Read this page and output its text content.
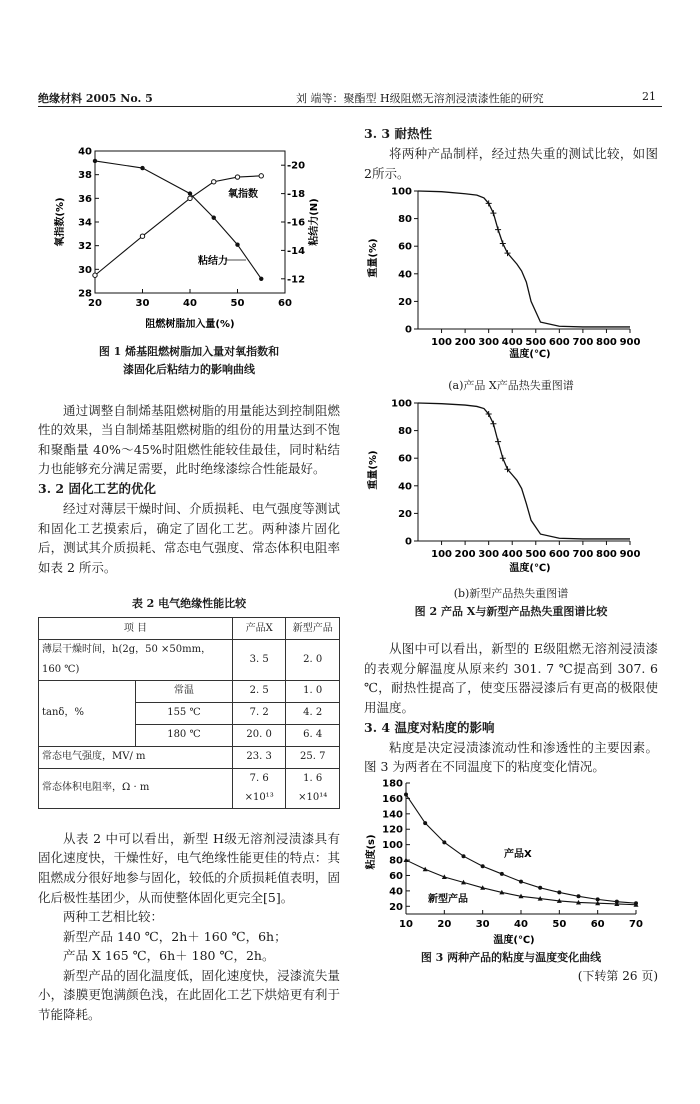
绝缘材料 2005 No. 5	刘 端等：聚酯型 H级阻燃无溶剂浸渍漆性能的研究	21
20	30	40	50	60
28
30
32
34
36
38
40
-12
-14
-16
-18
-20
氧指数(%)	粘结力(N)
阻燃树脂加入量(%)
氧指数
粘结力
图 1 烯基阻燃树脂加入量对氧指数和
漆固化后粘结力的影响曲线

通过调整自制烯基阻燃树脂的用量能达到控制阻燃性的效果，当自制烯基阻燃树脂的组份的用量达到不饱和聚酯量 40%～45%时阻燃性能较佳最佳，同时粘结力也能够充分满足需要，此时绝缘漆综合性能最好。

3. 2 固化工艺的优化

经过对薄层干燥时间、介质损耗、电气强度等测试和固化工艺摸索后，确定了固化工艺。两种漆片固化后，测试其介质损耗、常态电气强度、常态体积电阻率如表 2 所示。

表 2 电气绝缘性能比较
项 目		产品X	新型产品
薄层干燥时间，h(2g，50 ×50mm，160 ℃)		3. 5	2. 0
tanδ，%	常温	2. 5	1. 0
	155 ℃	7. 2	4. 2
	180 ℃	20. 0	6. 4
常态电气强度，MV/ m		23. 3	25. 7
常态体积电阻率，Ω · m		7. 6 ×10¹³	1. 6 ×10¹⁴

从表 2 中可以看出，新型 H级无溶剂浸渍漆具有固化速度快，干燥性好，电气绝缘性能更佳的特点：其阻燃成分很好地参与固化，较低的介质损耗值表明，固化后极性基团少，从而使整体固化更完全[5]。

两种工艺相比较：

新型产品 140 ℃，2h＋ 160 ℃，6h；

产品 X 165 ℃，6h＋ 180 ℃，2h。

新型产品的固化温度低，固化速度快，浸漆流失量小，漆膜更饱满颜色浅，在此固化工艺下烘焙更有利于节能降耗。

3. 3 耐热性

将两种产品制样，经过热失重的测试比较，如图 2所示。

0
20
40
60
80
100
100 200 300 400 500 600 700 800 900
重量(%)
温度(℃)
(a)产品 X产品热失重图谱
0
20
40
60
80
100
100 200 300 400 500 600 700 800 900
重量(%)
温度(℃)
(b)新型产品热失重图谱
图 2 产品 X与新型产品热失重图谱比较

从图中可以看出，新型的 E级阻燃无溶剂浸渍漆的表观分解温度从原来约 301. 7 ℃提高到 307. 6 ℃，耐热性提高了，使变压器浸漆后有更高的极限使用温度。

3. 4 温度对粘度的影响

粘度是决定浸渍漆流动性和渗透性的主要因素。图 3 为两者在不同温度下的粘度变化情况。

20
40
60
80
100
120
140
160
180
10 20 30 40 50 60 70
粘度(s)
温度(℃)
产品X
新型产品
图 3 两种产品的粘度与温度变化曲线
(下转第 26 页)
